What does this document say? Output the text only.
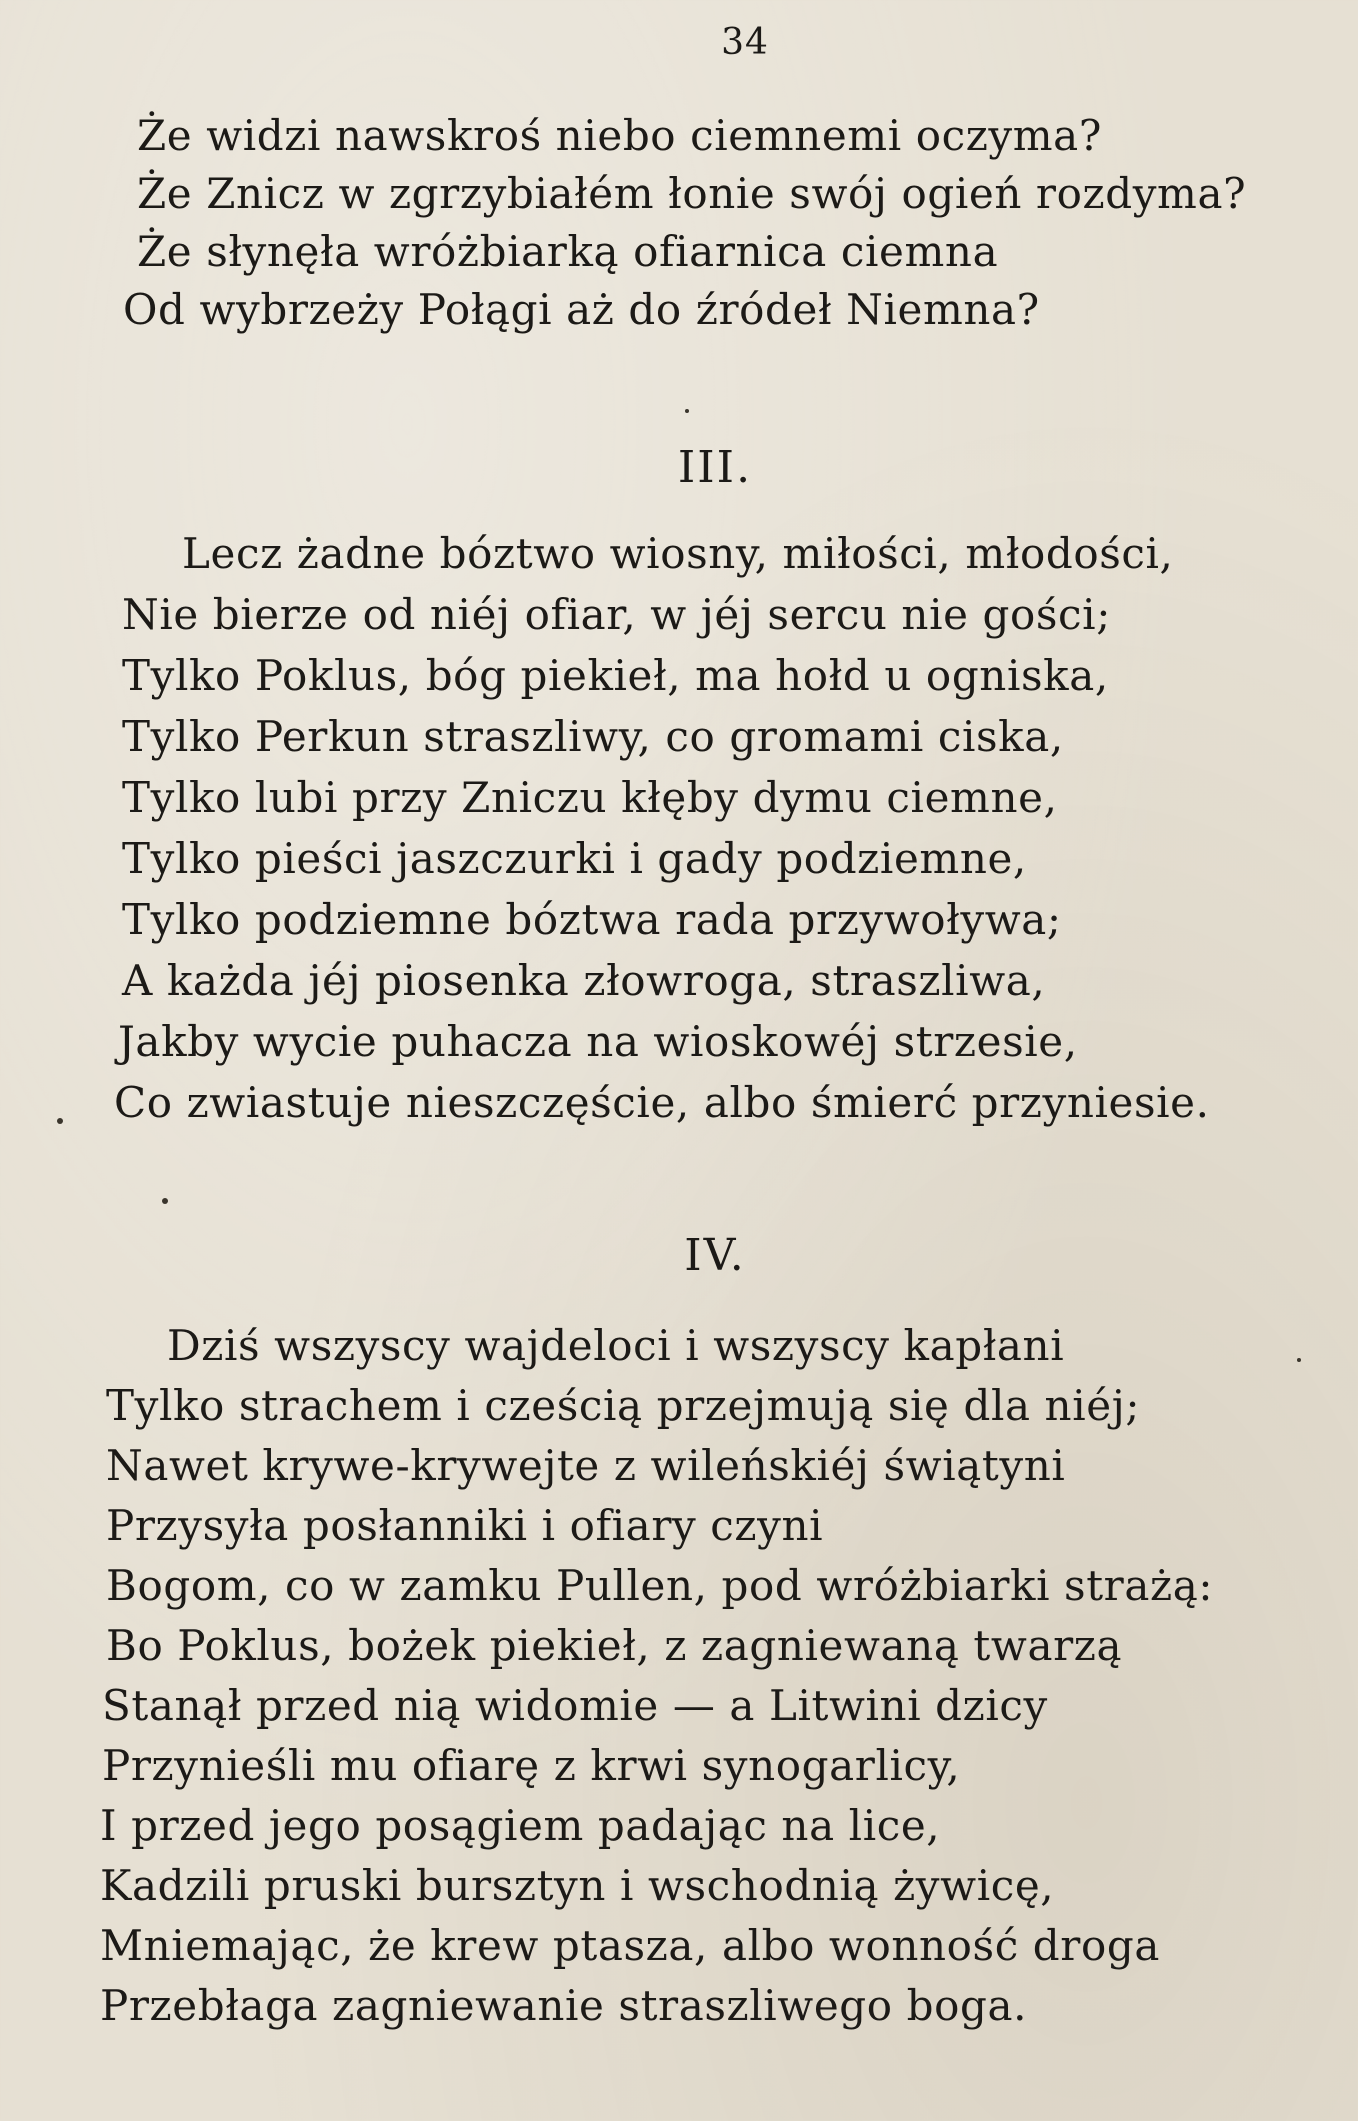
34
Że widzi nawskroś niebo ciemnemi oczyma?
Że Znicz w zgrzybiałém łonie swój ogień rozdyma?
Że słynęła wróżbiarką ofiarnica ciemna
Od wybrzeży Połągi aż do źródeł Niemna?
III.
Lecz żadne bóztwo wiosny, miłości, młodości,
Nie bierze od niéj ofiar, w jéj sercu nie gości;
Tylko Poklus, bóg piekieł, ma hołd u ogniska,
Tylko Perkun straszliwy, co gromami ciska,
Tylko lubi przy Zniczu kłęby dymu ciemne,
Tylko pieści jaszczurki i gady podziemne,
Tylko podziemne bóztwa rada przywoływa;
A każda jéj piosenka złowroga, straszliwa,
Jakby wycie puhacza na wioskowéj strzesie,
Co zwiastuje nieszczęście, albo śmierć przyniesie.
IV.
Dziś wszyscy wajdeloci i wszyscy kapłani
Tylko strachem i cześcią przejmują się dla niéj;
Nawet krywe-krywejte z wileńskiéj świątyni
Przysyła posłanniki i ofiary czyni
Bogom, co w zamku Pullen, pod wróżbiarki strażą:
Bo Poklus, bożek piekieł, z zagniewaną twarzą
Stanął przed nią widomie — a Litwini dzicy
Przynieśli mu ofiarę z krwi synogarlicy,
I przed jego posągiem padając na lice,
Kadzili pruski bursztyn i wschodnią żywicę,
Mniemając, że krew ptasza, albo wonność droga
Przebłaga zagniewanie straszliwego boga.
